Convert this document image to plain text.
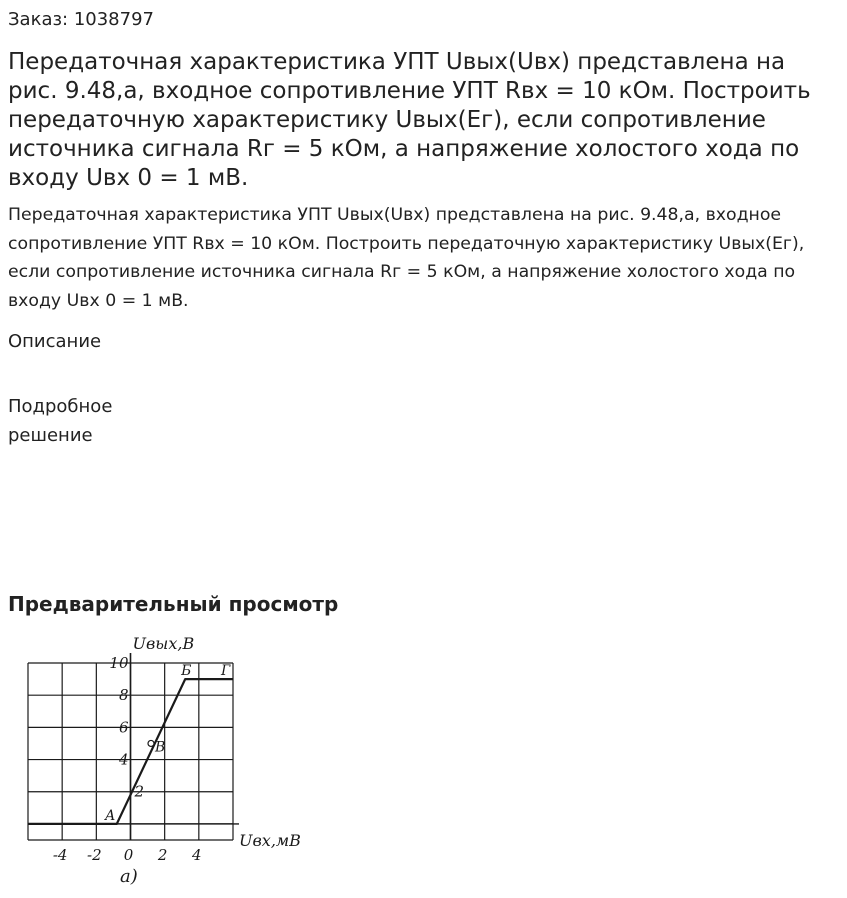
Заказ: 1038797
Передаточная характеристика УПТ Uвых(Uвх) представлена на рис. 9.48,а, входное сопротивление УПТ Rвх = 10 кОм. Построить передаточную характеристику Uвых(Eг), если сопротивление источника сигнала Rг = 5 кОм, а напряжение холостого хода по входу Uвх 0 = 1 мВ.

Передаточная характеристика УПТ Uвых(Uвх) представлена на рис. 9.48,а, входное сопротивление УПТ Rвх = 10 кОм. Построить передаточную характеристику Uвых(Eг), если сопротивление источника сигнала Rг = 5 кОм, а напряжение холостого хода по входу Uвх 0 = 1 мВ.

Описание
Подробное решение
Предварительный просмотр
А
Б
В
Г
2
4
6
8
10
-4 -2 0 2 4
Uвых,В
Uвх,мВ
а)
